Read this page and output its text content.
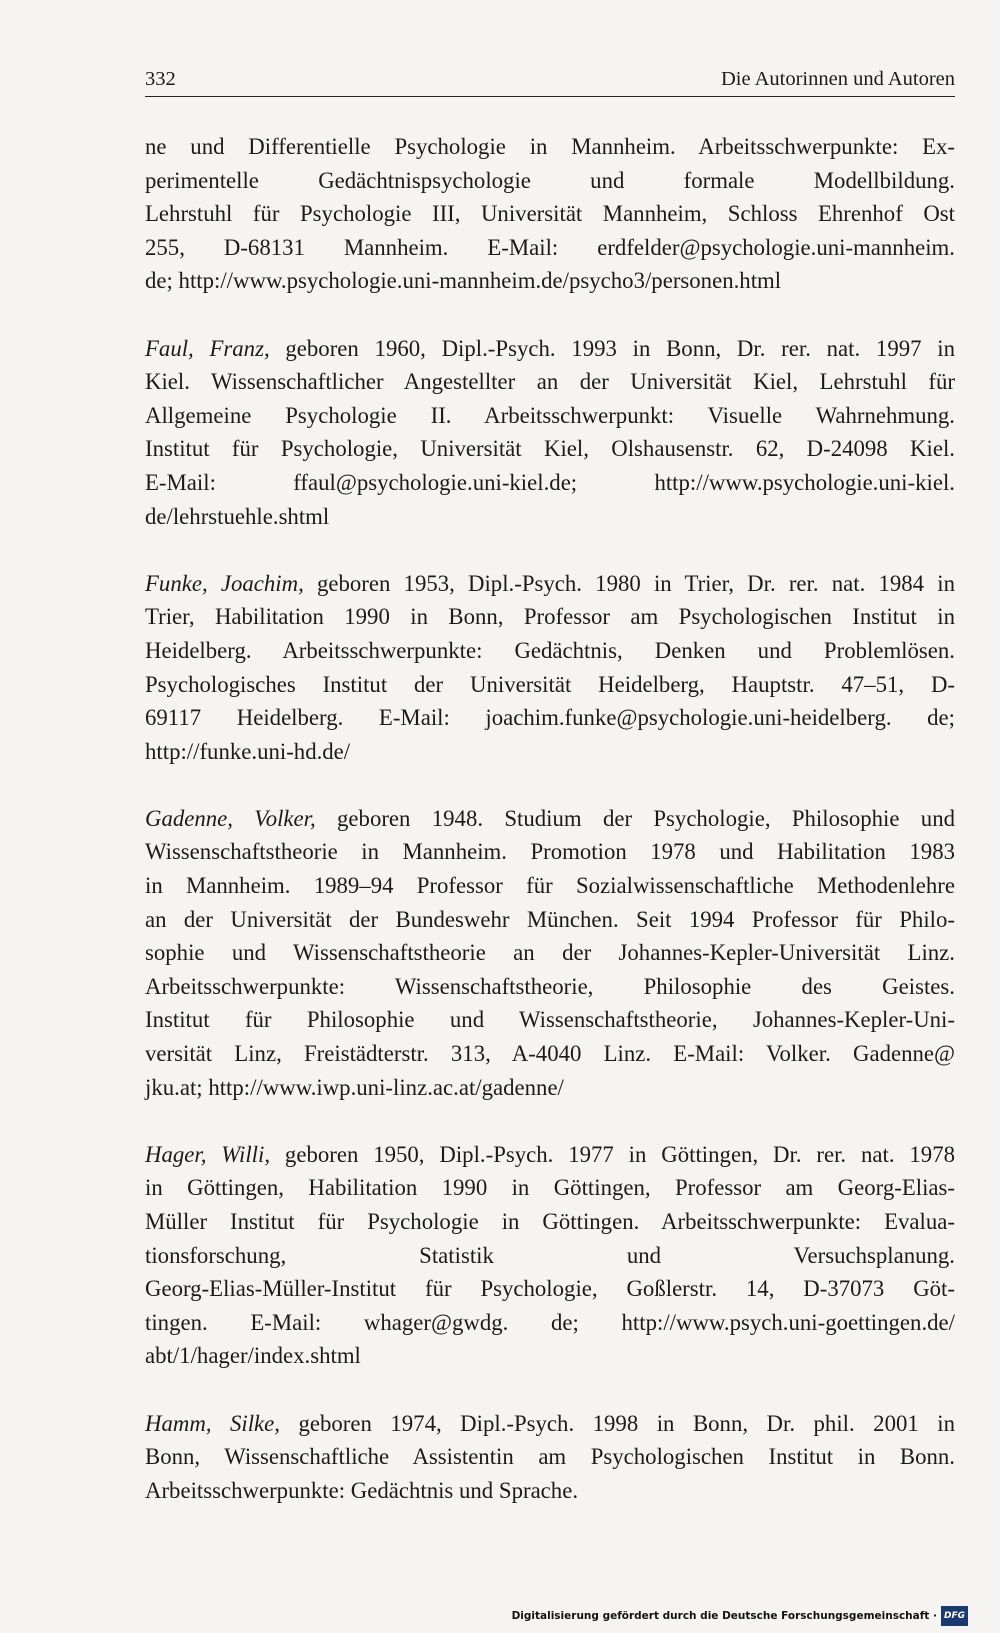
332	Die Autorinnen und Autoren
ne und Differentielle Psychologie in Mannheim. Arbeitsschwerpunkte: Ex-
perimentelle Gedächtnispsychologie und formale Modellbildung.
Lehrstuhl für Psychologie III, Universität Mannheim, Schloss Ehrenhof Ost
255, D-68131 Mannheim. E-Mail: erdfelder@psychologie.uni-mannheim.
de; http://www.psychologie.uni-mannheim.de/psycho3/personen.html
Faul, Franz, geboren 1960, Dipl.-Psych. 1993 in Bonn, Dr. rer. nat. 1997 in
Kiel. Wissenschaftlicher Angestellter an der Universität Kiel, Lehrstuhl für
Allgemeine Psychologie II. Arbeitsschwerpunkt: Visuelle Wahrnehmung.
Institut für Psychologie, Universität Kiel, Olshausenstr. 62, D-24098 Kiel.
E-Mail: ffaul@psychologie.uni-kiel.de; http://www.psychologie.uni-kiel.
de/lehrstuehle.shtml
Funke, Joachim, geboren 1953, Dipl.-Psych. 1980 in Trier, Dr. rer. nat. 1984 in
Trier, Habilitation 1990 in Bonn, Professor am Psychologischen Institut in
Heidelberg. Arbeitsschwerpunkte: Gedächtnis, Denken und Problemlösen.
Psychologisches Institut der Universität Heidelberg, Hauptstr. 47–51, D-
69117 Heidelberg. E-Mail: joachim.funke@psychologie.uni-heidelberg. de;
http://funke.uni-hd.de/
Gadenne, Volker, geboren 1948. Studium der Psychologie, Philosophie und
Wissenschaftstheorie in Mannheim. Promotion 1978 und Habilitation 1983
in Mannheim. 1989–94 Professor für Sozialwissenschaftliche Methodenlehre
an der Universität der Bundeswehr München. Seit 1994 Professor für Philo-
sophie und Wissenschaftstheorie an der Johannes-Kepler-Universität Linz.
Arbeitsschwerpunkte: Wissenschaftstheorie, Philosophie des Geistes.
Institut für Philosophie und Wissenschaftstheorie, Johannes-Kepler-Uni-
versität Linz, Freistädterstr. 313, A-4040 Linz. E-Mail: Volker. Gadenne@
jku.at; http://www.iwp.uni-linz.ac.at/gadenne/
Hager, Willi, geboren 1950, Dipl.-Psych. 1977 in Göttingen, Dr. rer. nat. 1978
in Göttingen, Habilitation 1990 in Göttingen, Professor am Georg-Elias-
Müller Institut für Psychologie in Göttingen. Arbeitsschwerpunkte: Evalua-
tionsforschung, Statistik und Versuchsplanung.
Georg-Elias-Müller-Institut für Psychologie, Goßlerstr. 14, D-37073 Göt-
tingen. E-Mail: whager@gwdg. de; http://www.psych.uni-goettingen.de/
abt/1/hager/index.shtml
Hamm, Silke, geboren 1974, Dipl.-Psych. 1998 in Bonn, Dr. phil. 2001 in
Bonn, Wissenschaftliche Assistentin am Psychologischen Institut in Bonn.
Arbeitsschwerpunkte: Gedächtnis und Sprache.
Digitalisierung gefördert durch die Deutsche Forschungsgemeinschaft · DFG
